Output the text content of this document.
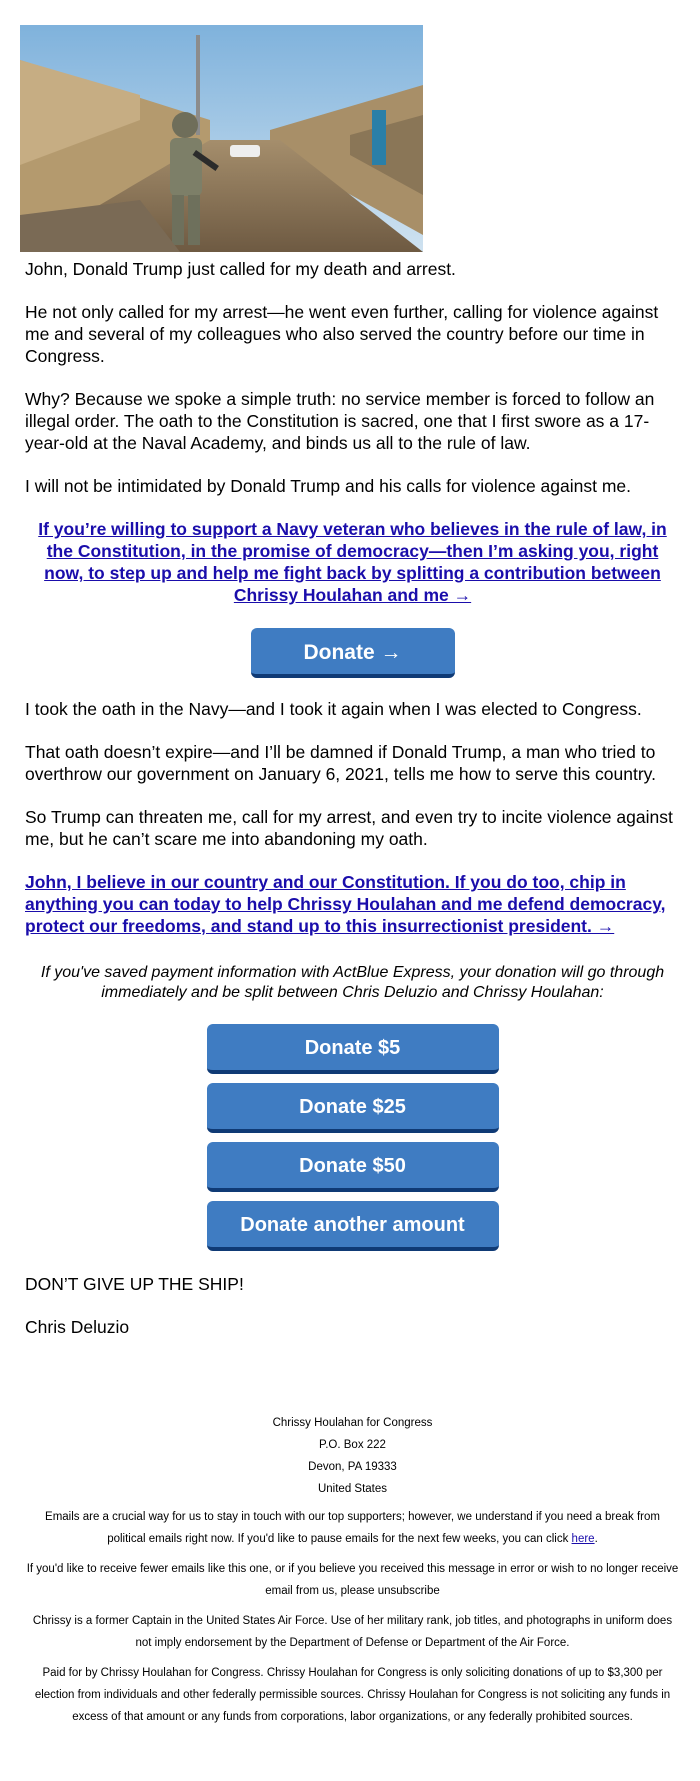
John, Donald Trump just called for my death and arrest.

He not only called for my arrest—he went even further, calling for violence against me and several of my colleagues who also served the country before our time in Congress.

Why? Because we spoke a simple truth: no service member is forced to follow an illegal order. The oath to the Constitution is sacred, one that I first swore as a 17-year-old at the Naval Academy, and binds us all to the rule of law.

I will not be intimidated by Donald Trump and his calls for violence against me.

If you’re willing to support a Navy veteran who believes in the rule of law, in the Constitution, in the promise of democracy—then I’m asking you, right now, to step up and help me fight back by splitting a contribution between Chrissy Houlahan and me →

Donate →

I took the oath in the Navy—and I took it again when I was elected to Congress.

That oath doesn’t expire—and I’ll be damned if Donald Trump, a man who tried to overthrow our government on January 6, 2021, tells me how to serve this country.

So Trump can threaten me, call for my arrest, and even try to incite violence against me, but he can’t scare me into abandoning my oath.

John, I believe in our country and our Constitution. If you do too, chip in anything you can today to help Chrissy Houlahan and me defend democracy, protect our freedoms, and stand up to this insurrectionist president. →

If you've saved payment information with ActBlue Express, your donation will go through immediately and be split between Chris Deluzio and Chrissy Houlahan:

Donate $5
Donate $25
Donate $50
Donate another amount

DON’T GIVE UP THE SHIP!

Chris Deluzio

Chrissy Houlahan for Congress
P.O. Box 222
Devon, PA 19333
United States

Emails are a crucial way for us to stay in touch with our top supporters; however, we understand if you need a break from political emails right now. If you'd like to pause emails for the next few weeks, you can click here.

If you'd like to receive fewer emails like this one, or if you believe you received this message in error or wish to no longer receive email from us, please unsubscribe

Chrissy is a former Captain in the United States Air Force. Use of her military rank, job titles, and photographs in uniform does not imply endorsement by the Department of Defense or Department of the Air Force.

Paid for by Chrissy Houlahan for Congress. Chrissy Houlahan for Congress is only soliciting donations of up to $3,300 per election from individuals and other federally permissible sources. Chrissy Houlahan for Congress is not soliciting any funds in excess of that amount or any funds from corporations, labor organizations, or any federally prohibited sources.
